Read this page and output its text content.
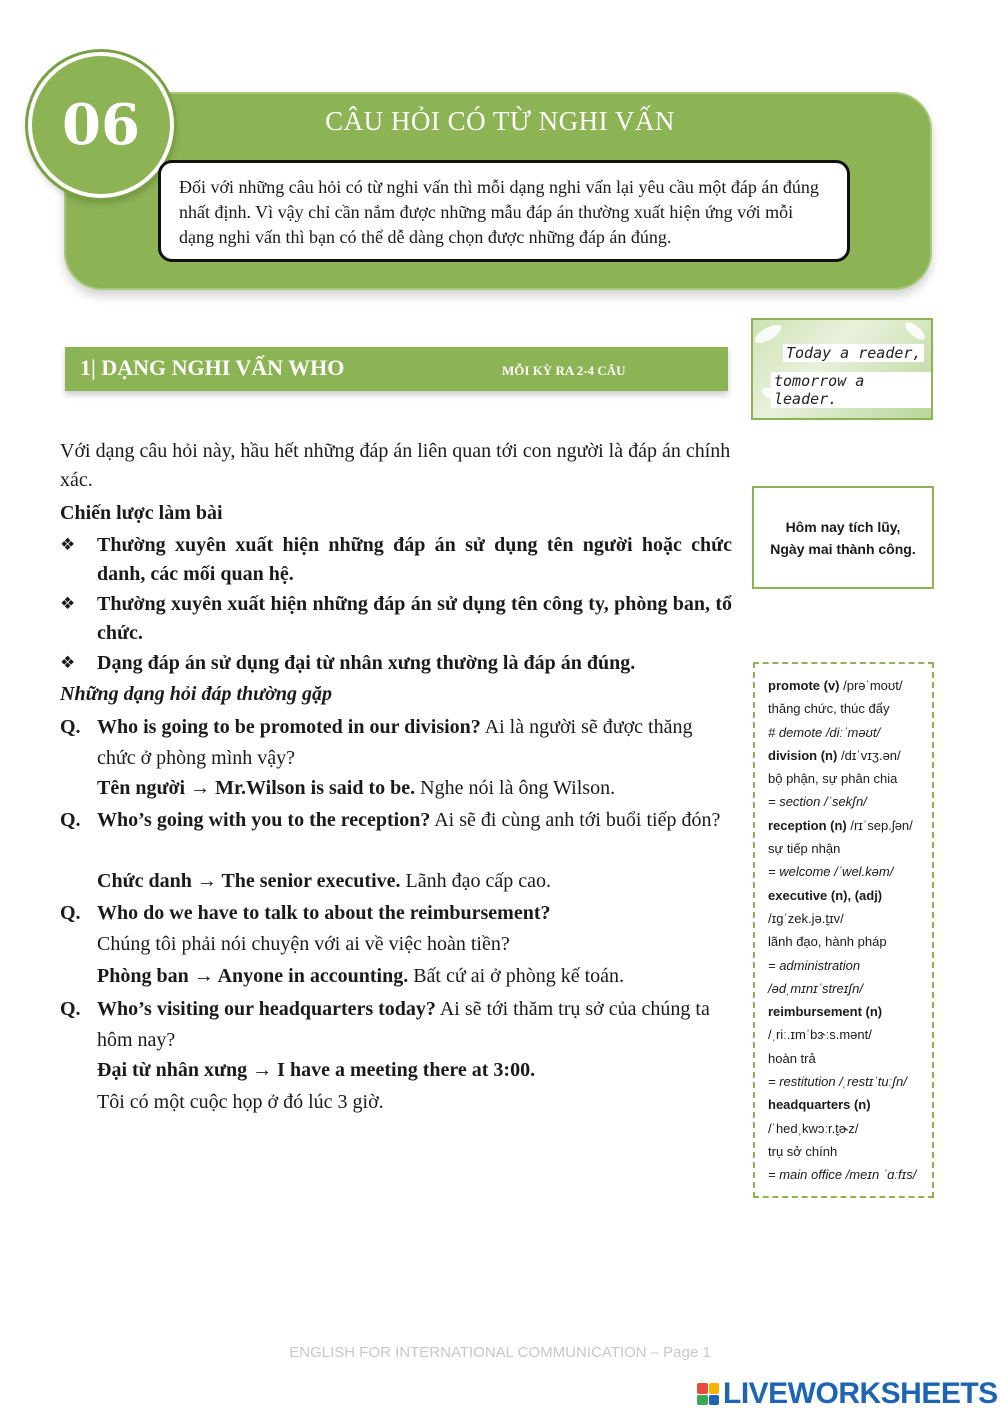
06	CÂU HỎI CÓ TỪ NGHI VẤN
Đối với những câu hỏi có từ nghi vấn thì mỗi dạng nghi vấn lại yêu cầu một đáp án đúng nhất định. Vì vậy chỉ cần nắm được những mẫu đáp án thường xuất hiện ứng với mỗi dạng nghi vấn thì bạn có thể dễ dàng chọn được những đáp án đúng.
1| DẠNG NGHI VẤN WHO	MỖI KỲ RA 2-4 CÂU
Today a reader,
tomorrow a leader.
Hôm nay tích lũy,
Ngày mai thành công.
promote (v) /prəˈmoʊt/
thăng chức, thúc đẩy
# demote /diːˈməʊt/
division (n) /dɪˈvɪʒ.ən/
bộ phận, sự phân chia
= section /ˈsekʃn/
reception (n) /rɪˈsep.ʃən/
sự tiếp nhận
= welcome /ˈwel.kəm/
executive (n), (adj)
/ɪɡˈzek.jə.t̬ɪv/
lãnh đạo, hành pháp
= administration
/ədˌmɪnɪˈstreɪʃn/
reimbursement (n)
/ˌriː.ɪmˈbɝːs.mənt/
hoàn trả
= restitution /ˌrestɪˈtuːʃn/
headquarters (n)
/ˈhedˌkwɔːr.t̬ɚz/
trụ sở chính
= main office /meɪn ˈɑːfɪs/
Với dạng câu hỏi này, hầu hết những đáp án liên quan tới con người là đáp án chính xác.
Chiến lược làm bài
❖ Thường xuyên xuất hiện những đáp án sử dụng tên người hoặc chức danh, các mối quan hệ.
❖ Thường xuyên xuất hiện những đáp án sử dụng tên công ty, phòng ban, tổ chức.
❖ Dạng đáp án sử dụng đại từ nhân xưng thường là đáp án đúng.
Những dạng hỏi đáp thường gặp
Q. Who is going to be promoted in our division? Ai là người sẽ được thăng chức ở phòng mình vậy?
Tên người → Mr.Wilson is said to be. Nghe nói là ông Wilson.
Q. Who’s going with you to the reception? Ai sẽ đi cùng anh tới buổi tiếp đón?
Chức danh → The senior executive. Lãnh đạo cấp cao.
Q. Who do we have to talk to about the reimbursement?
Chúng tôi phải nói chuyện với ai về việc hoàn tiền?
Phòng ban → Anyone in accounting. Bất cứ ai ở phòng kế toán.
Q. Who’s visiting our headquarters today? Ai sẽ tới thăm trụ sở của chúng ta hôm nay?
Đại từ nhân xưng → I have a meeting there at 3:00.
Tôi có một cuộc họp ở đó lúc 3 giờ.
ENGLISH FOR INTERNATIONAL COMMUNICATION – Page 1
LIVEWORKSHEETS
